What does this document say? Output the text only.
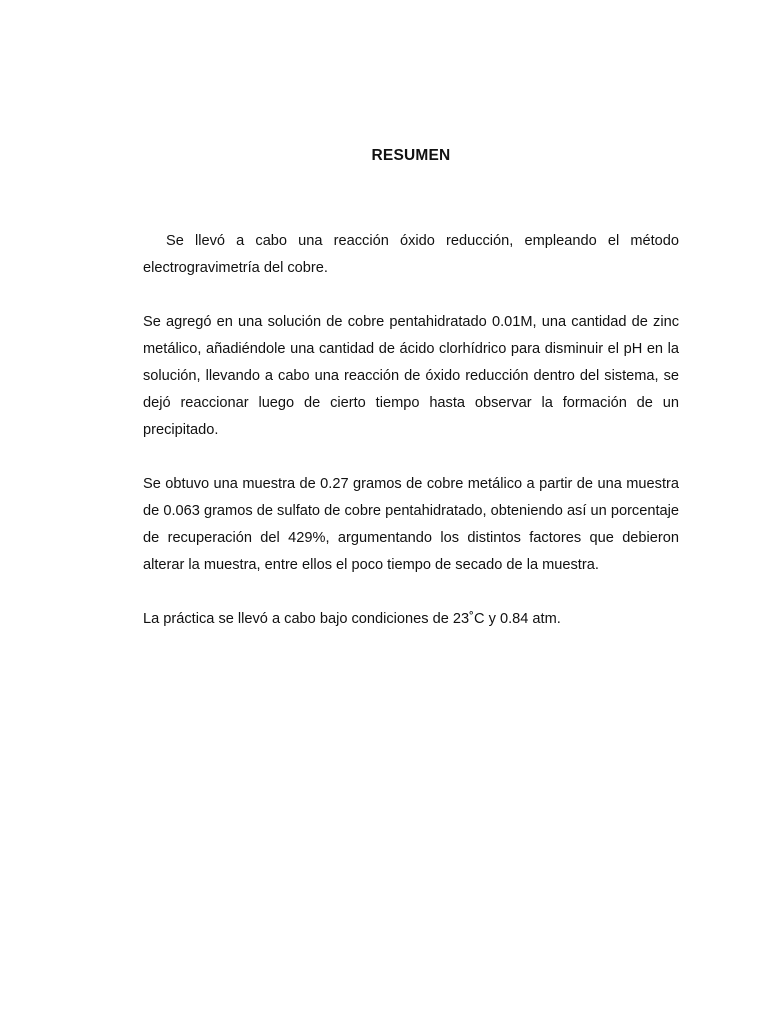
RESUMEN

Se llevó a cabo una reacción óxido reducción, empleando el método electrogravimetría del cobre.

Se agregó en una solución de cobre pentahidratado 0.01M, una cantidad de zinc metálico, añadiéndole una cantidad de ácido clorhídrico para disminuir el pH en la solución, llevando a cabo una reacción de óxido reducción dentro del sistema, se dejó reaccionar luego de cierto tiempo hasta observar la formación de un precipitado.

Se obtuvo una muestra de 0.27 gramos de cobre metálico a partir de una muestra de 0.063 gramos de sulfato de cobre pentahidratado, obteniendo así un porcentaje de recuperación del 429%, argumentando los distintos factores que debieron alterar la muestra, entre ellos el poco tiempo de secado de la muestra.

La práctica se llevó a cabo bajo condiciones de 23˚C y 0.84 atm.
